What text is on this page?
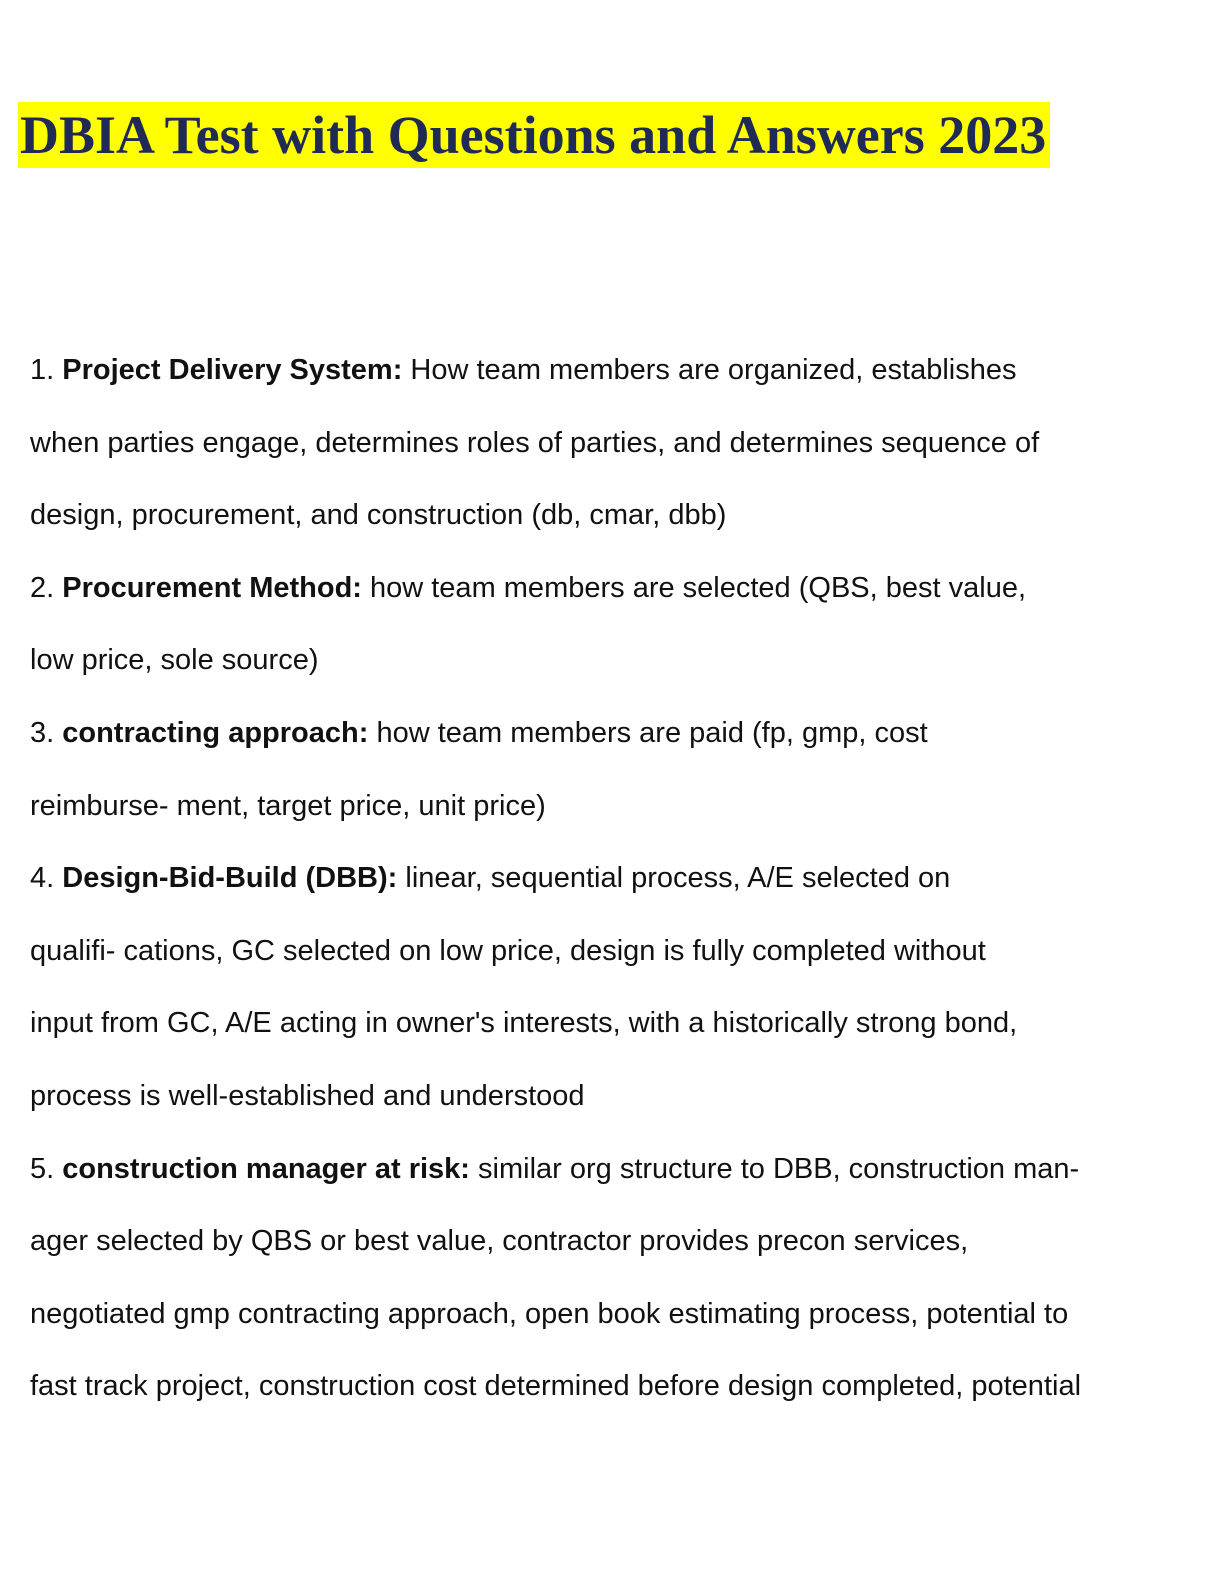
DBIA Test with Questions and Answers 2023
1. Project Delivery System: How team members are organized, establishes
when parties engage, determines roles of parties, and determines sequence of
design, procurement, and construction (db, cmar, dbb)
2. Procurement Method: how team members are selected (QBS, best value,
low price, sole source)
3. contracting approach: how team members are paid (fp, gmp, cost
reimburse- ment, target price, unit price)
4. Design-Bid-Build (DBB): linear, sequential process, A/E selected on
qualifi- cations, GC selected on low price, design is fully completed without
input from GC, A/E acting in owner's interests, with a historically strong bond,
process is well-established and understood
5. construction manager at risk: similar org structure to DBB, construction man-
ager selected by QBS or best value, contractor provides precon services,
negotiated gmp contracting approach, open book estimating process, potential to
fast track project, construction cost determined before design completed, potential
